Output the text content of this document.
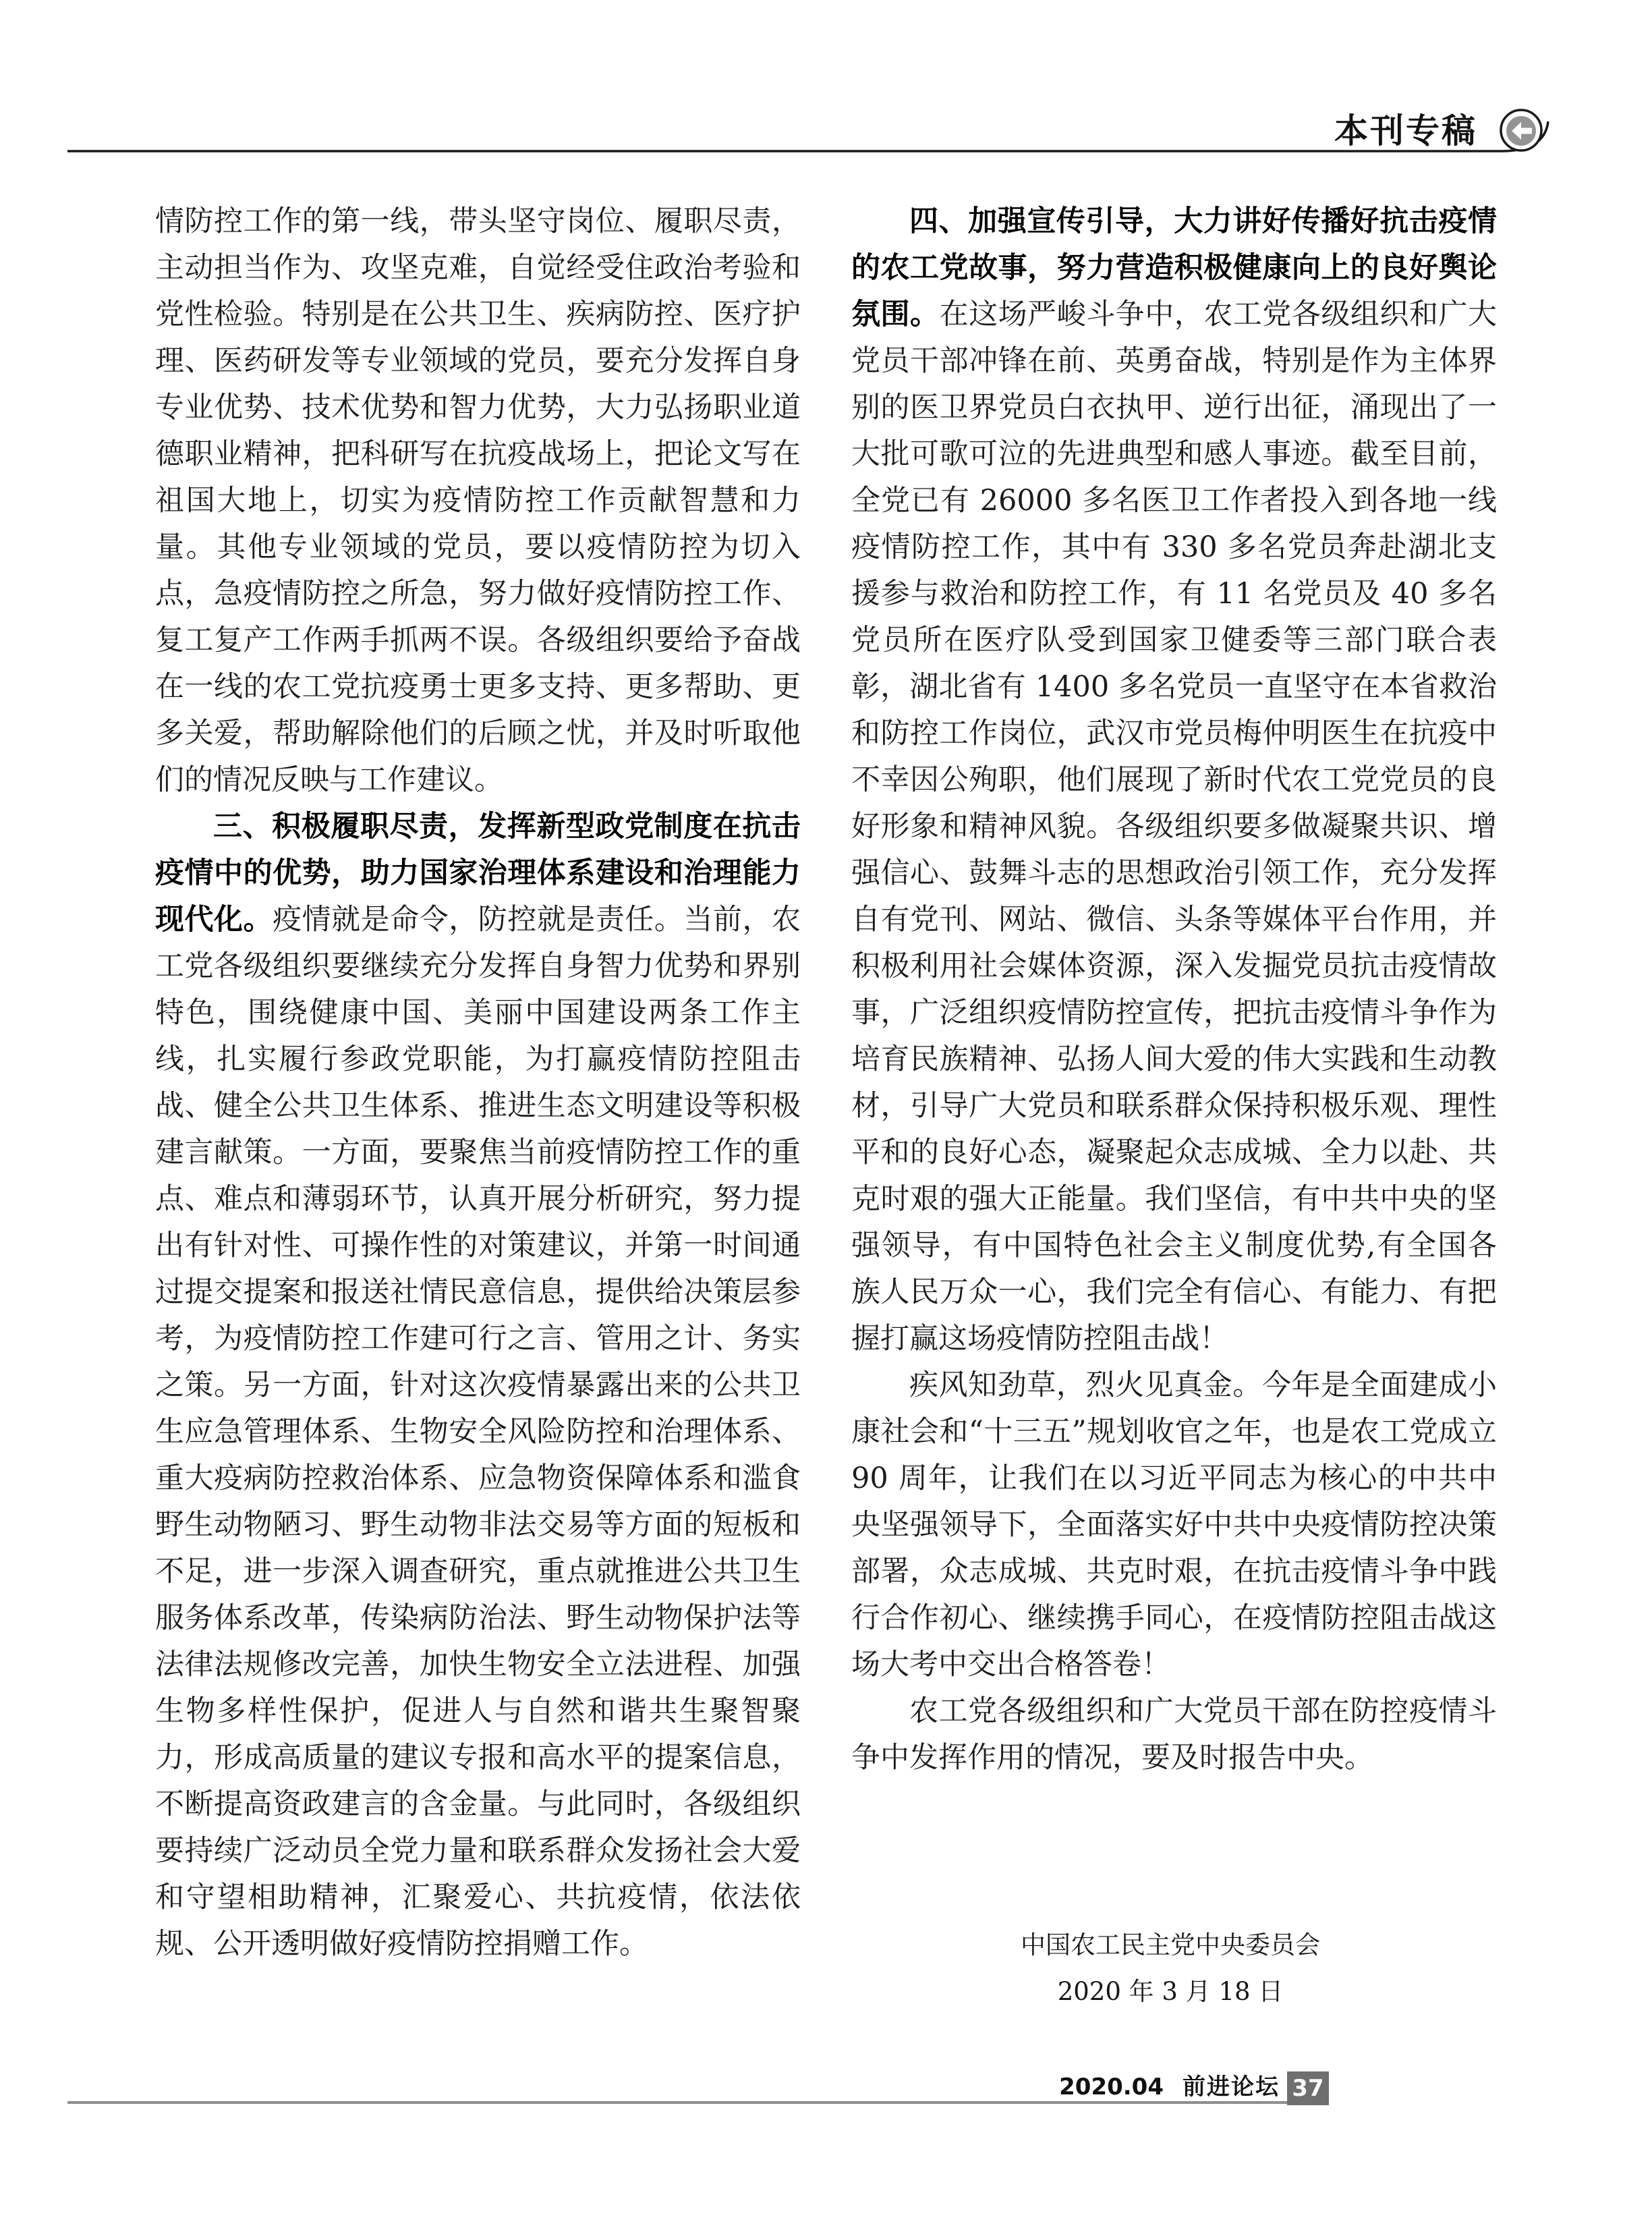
本刊专稿

情防控工作的第一线，带头坚守岗位、履职尽责，主动担当作为、攻坚克难，自觉经受住政治考验和党性检验。特别是在公共卫生、疾病防控、医疗护理、医药研发等专业领域的党员，要充分发挥自身专业优势、技术优势和智力优势，大力弘扬职业道德职业精神，把科研写在抗疫战场上，把论文写在祖国大地上，切实为疫情防控工作贡献智慧和力量。其他专业领域的党员，要以疫情防控为切入点，急疫情防控之所急，努力做好疫情防控工作、复工复产工作两手抓两不误。各级组织要给予奋战在一线的农工党抗疫勇士更多支持、更多帮助、更多关爱，帮助解除他们的后顾之忧，并及时听取他们的情况反映与工作建议。

三、积极履职尽责，发挥新型政党制度在抗击疫情中的优势，助力国家治理体系建设和治理能力现代化。疫情就是命令，防控就是责任。当前，农工党各级组织要继续充分发挥自身智力优势和界别特色，围绕健康中国、美丽中国建设两条工作主线，扎实履行参政党职能，为打赢疫情防控阻击战、健全公共卫生体系、推进生态文明建设等积极建言献策。一方面，要聚焦当前疫情防控工作的重点、难点和薄弱环节，认真开展分析研究，努力提出有针对性、可操作性的对策建议，并第一时间通过提交提案和报送社情民意信息，提供给决策层参考，为疫情防控工作建可行之言、管用之计、务实之策。另一方面，针对这次疫情暴露出来的公共卫生应急管理体系、生物安全风险防控和治理体系、重大疫病防控救治体系、应急物资保障体系和滥食野生动物陋习、野生动物非法交易等方面的短板和不足，进一步深入调查研究，重点就推进公共卫生服务体系改革，传染病防治法、野生动物保护法等法律法规修改完善，加快生物安全立法进程、加强生物多样性保护，促进人与自然和谐共生聚智聚力，形成高质量的建议专报和高水平的提案信息，不断提高资政建言的含金量。与此同时，各级组织要持续广泛动员全党力量和联系群众发扬社会大爱和守望相助精神，汇聚爱心、共抗疫情，依法依规、公开透明做好疫情防控捐赠工作。

四、加强宣传引导，大力讲好传播好抗击疫情的农工党故事，努力营造积极健康向上的良好舆论氛围。在这场严峻斗争中，农工党各级组织和广大党员干部冲锋在前、英勇奋战，特别是作为主体界别的医卫界党员白衣执甲、逆行出征，涌现出了一大批可歌可泣的先进典型和感人事迹。截至目前，全党已有 26000 多名医卫工作者投入到各地一线疫情防控工作，其中有 330 多名党员奔赴湖北支援参与救治和防控工作，有 11 名党员及 40 多名党员所在医疗队受到国家卫健委等三部门联合表彰，湖北省有 1400 多名党员一直坚守在本省救治和防控工作岗位，武汉市党员梅仲明医生在抗疫中不幸因公殉职，他们展现了新时代农工党党员的良好形象和精神风貌。各级组织要多做凝聚共识、增强信心、鼓舞斗志的思想政治引领工作，充分发挥自有党刊、网站、微信、头条等媒体平台作用，并积极利用社会媒体资源，深入发掘党员抗击疫情故事，广泛组织疫情防控宣传，把抗击疫情斗争作为培育民族精神、弘扬人间大爱的伟大实践和生动教材，引导广大党员和联系群众保持积极乐观、理性平和的良好心态，凝聚起众志成城、全力以赴、共克时艰的强大正能量。我们坚信，有中共中央的坚强领导，有中国特色社会主义制度优势,有全国各族人民万众一心，我们完全有信心、有能力、有把握打赢这场疫情防控阻击战！

疾风知劲草，烈火见真金。今年是全面建成小康社会和“十三五”规划收官之年，也是农工党成立 90 周年，让我们在以习近平同志为核心的中共中央坚强领导下，全面落实好中共中央疫情防控决策部署，众志成城、共克时艰，在抗击疫情斗争中践行合作初心、继续携手同心，在疫情防控阻击战这场大考中交出合格答卷！

农工党各级组织和广大党员干部在防控疫情斗争中发挥作用的情况，要及时报告中央。

中国农工民主党中央委员会
2020 年 3 月 18 日
2020.04 前进论坛 37
